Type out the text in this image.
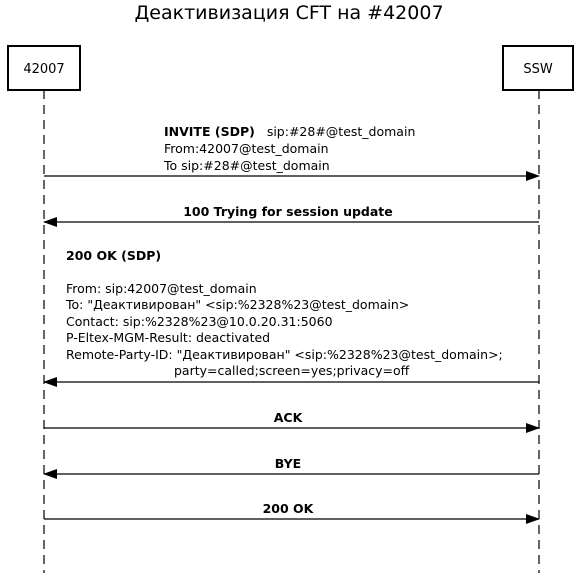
Деактивизация CFT на #42007
42007	SSW
INVITE (SDP) sip:#28#@test_domain
From:42007@test_domain
To sip:#28#@test_domain
100 Trying for session update
200 OK (SDP)
From: sip:42007@test_domain
To: "Деактивирован" <sip:%2328%23@test_domain>
Contact: sip:%2328%23@10.0.20.31:5060
P-Eltex-MGM-Result: deactivated
Remote-Party-ID: "Деактивирован" <sip:%2328%23@test_domain>;
party=called;screen=yes;privacy=off
ACK
BYE
200 OK
